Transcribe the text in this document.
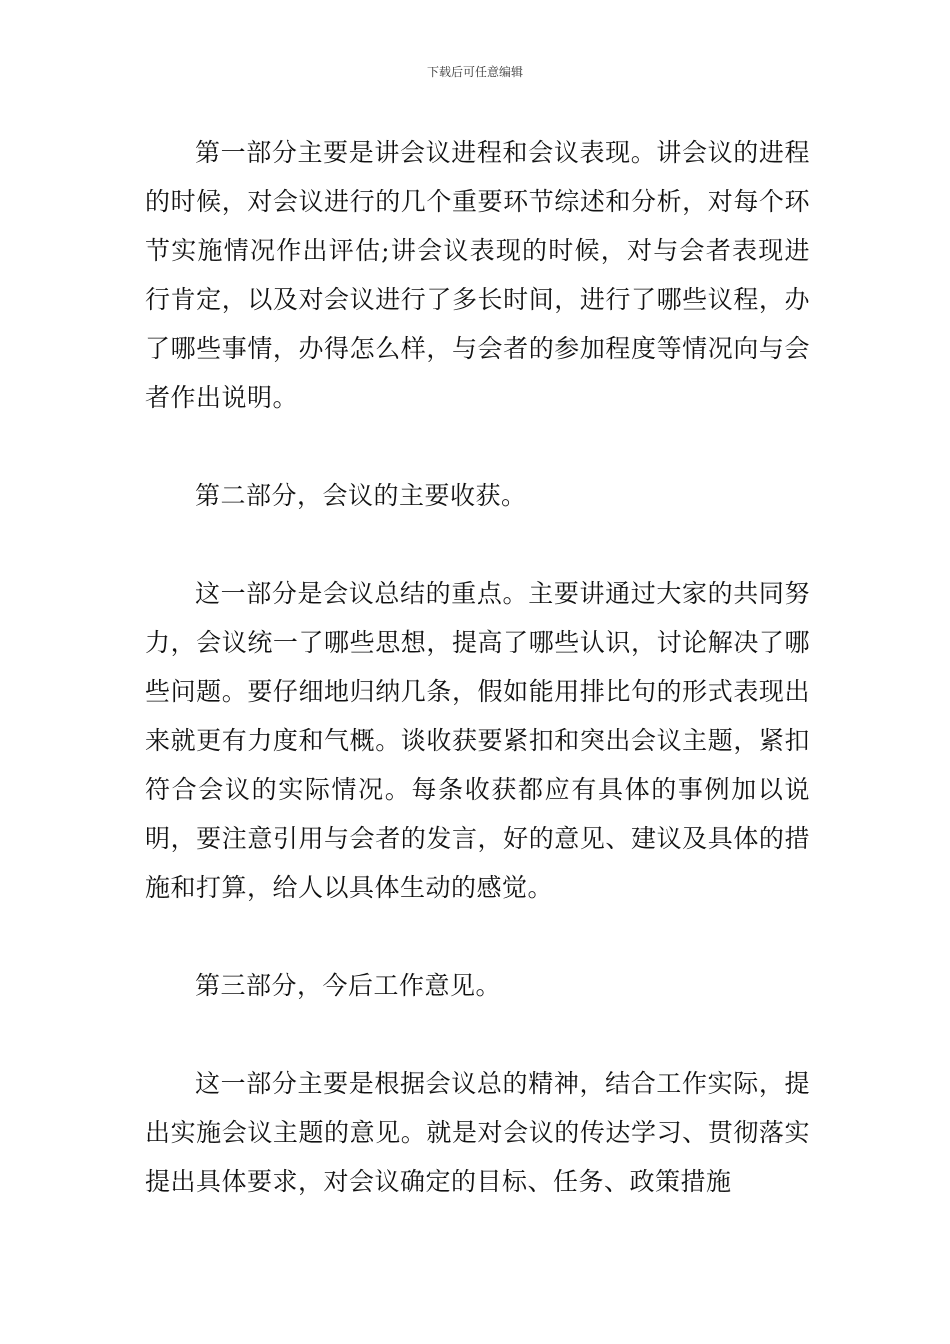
下载后可任意编辑

第一部分主要是讲会议进程和会议表现。讲会议的进程的时候，对会议进行的几个重要环节综述和分析，对每个环节实施情况作出评估;讲会议表现的时候，对与会者表现进行肯定，以及对会议进行了多长时间，进行了哪些议程，办了哪些事情，办得怎么样，与会者的参加程度等情况向与会者作出说明。

第二部分，会议的主要收获。

这一部分是会议总结的重点。主要讲通过大家的共同努力，会议统一了哪些思想，提高了哪些认识，讨论解决了哪些问题。要仔细地归纳几条，假如能用排比句的形式表现出来就更有力度和气概。谈收获要紧扣和突出会议主题，紧扣符合会议的实际情况。每条收获都应有具体的事例加以说明，要注意引用与会者的发言，好的意见、建议及具体的措施和打算，给人以具体生动的感觉。

第三部分，今后工作意见。

这一部分主要是根据会议总的精神，结合工作实际，提出实施会议主题的意见。就是对会议的传达学习、贯彻落实提出具体要求，对会议确定的目标、任务、政策措施
